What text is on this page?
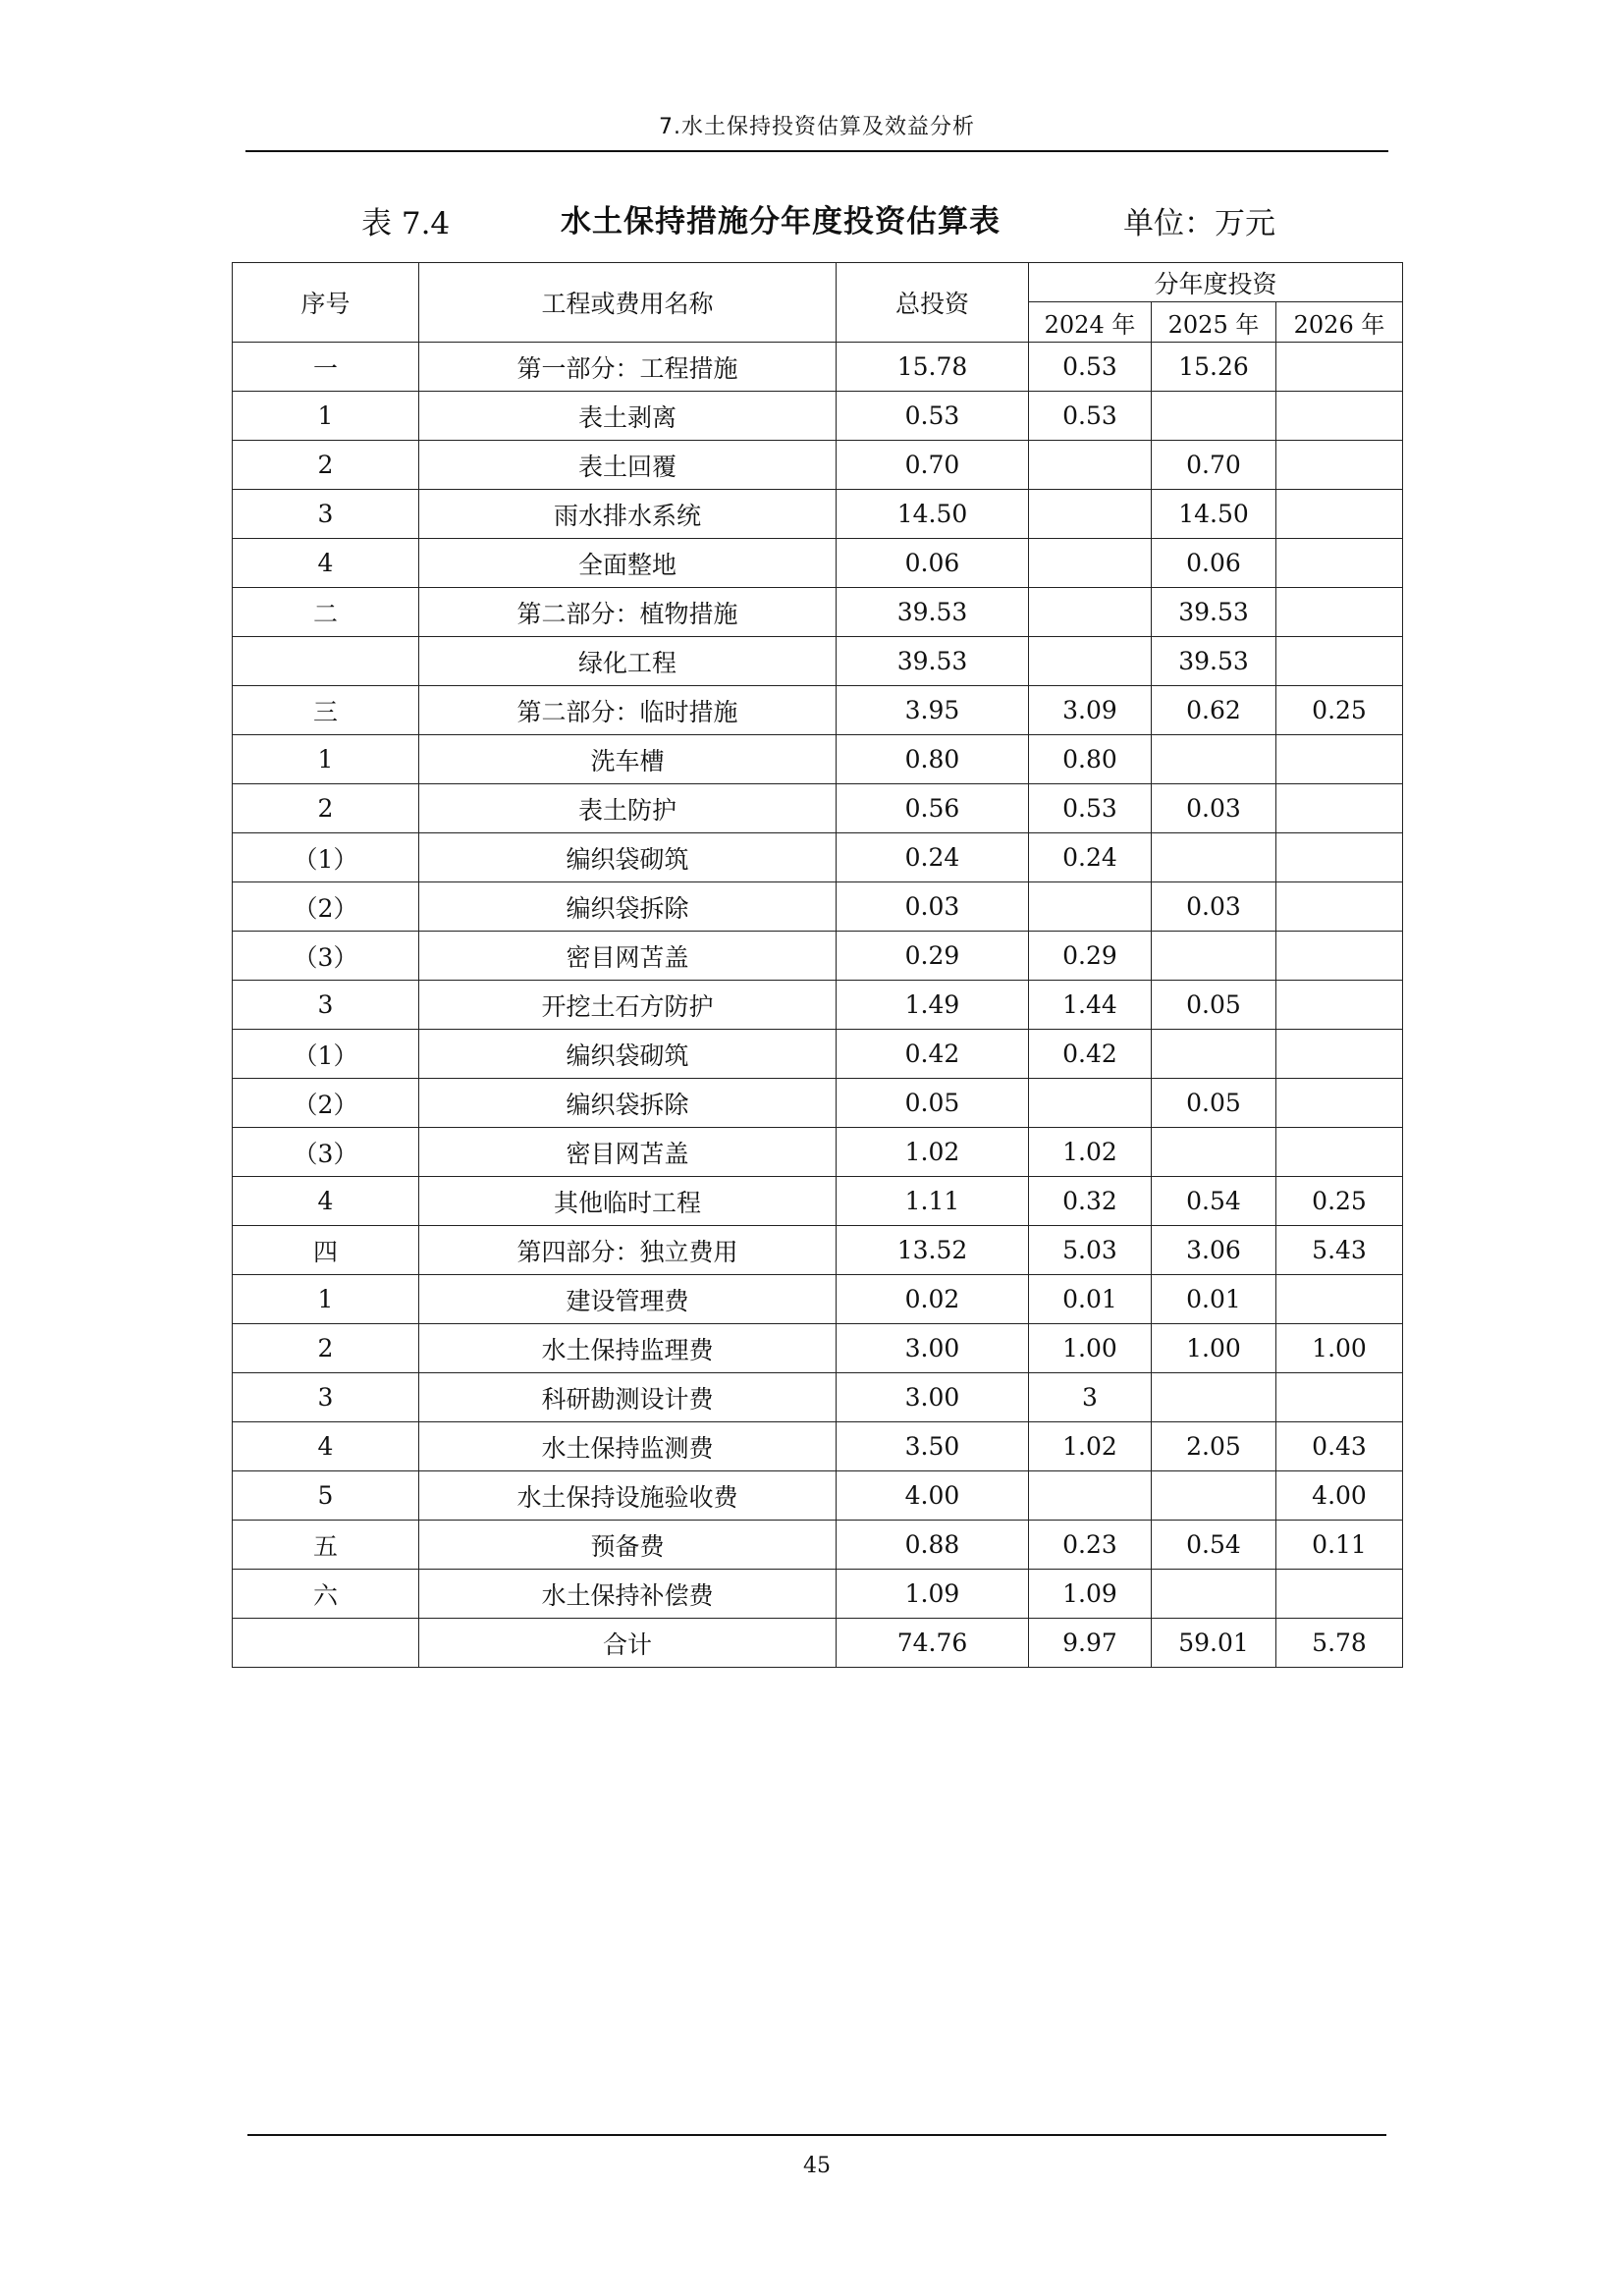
7.水土保持投资估算及效益分析
表 7.4	水土保持措施分年度投资估算表	单位：万元
序号	工程或费用名称	总投资	分年度投资		
			2024 年	2025 年	2026 年
一	第一部分：工程措施	15.78	0.53	15.26	
1	表土剥离	0.53	0.53		
2	表土回覆	0.70		0.70	
3	雨水排水系统	14.50		14.50	
4	全面整地	0.06		0.06	
二	第二部分：植物措施	39.53		39.53	
	绿化工程	39.53		39.53	
三	第二部分：临时措施	3.95	3.09	0.62	0.25
1	洗车槽	0.80	0.80		
2	表土防护	0.56	0.53	0.03	
（1）	编织袋砌筑	0.24	0.24		
（2）	编织袋拆除	0.03		0.03	
（3）	密目网苫盖	0.29	0.29		
3	开挖土石方防护	1.49	1.44	0.05	
（1）	编织袋砌筑	0.42	0.42		
（2）	编织袋拆除	0.05		0.05	
（3）	密目网苫盖	1.02	1.02		
4	其他临时工程	1.11	0.32	0.54	0.25
四	第四部分：独立费用	13.52	5.03	3.06	5.43
1	建设管理费	0.02	0.01	0.01	
2	水土保持监理费	3.00	1.00	1.00	1.00
3	科研勘测设计费	3.00	3		
4	水土保持监测费	3.50	1.02	2.05	0.43
5	水土保持设施验收费	4.00			4.00
五	预备费	0.88	0.23	0.54	0.11
六	水土保持补偿费	1.09	1.09		
	合计	74.76	9.97	59.01	5.78
45
